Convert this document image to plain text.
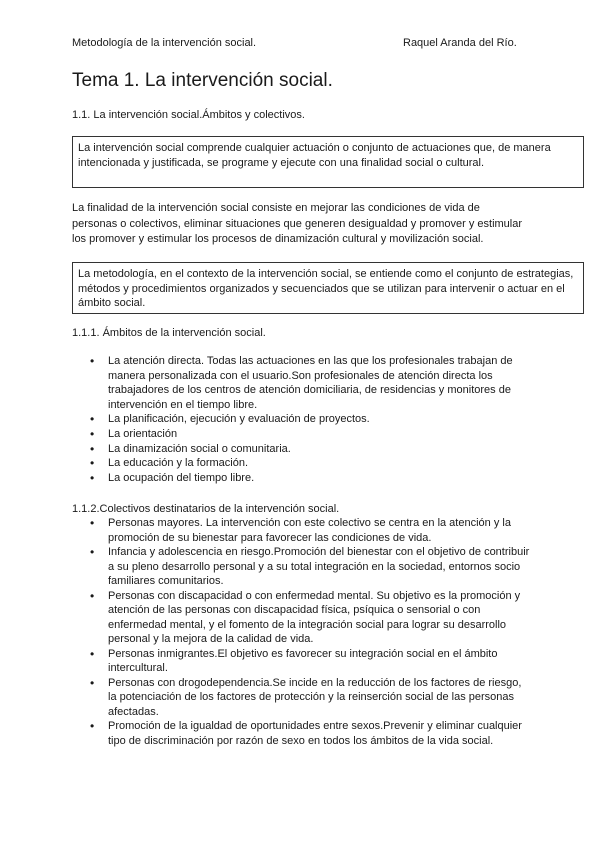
Metodología de la intervención social.	Raquel Aranda del Río.
Tema 1. La intervención social.
1.1. La intervención social.Ámbitos y colectivos.
La intervención social comprende cualquier actuación o conjunto de actuaciones que, de manera intencionada y justificada, se programe y ejecute con una finalidad social o cultural.
La finalidad de la intervención social consiste en mejorar las condiciones de vida de personas o colectivos, eliminar situaciones que generen desigualdad y promover y estimular los promover y estimular los procesos de dinamización cultural y movilización social.
La metodología, en el contexto de la intervención social, se entiende como el conjunto de estrategias, métodos y procedimientos organizados y secuenciados que se utilizan para intervenir o actuar en el ámbito social.
1.1.1. Ámbitos de la intervención social.
• La atención directa. Todas las actuaciones en las que los profesionales trabajan de manera personalizada con el usuario.Son profesionales de atención directa los trabajadores de los centros de atención domiciliaria, de residencias y monitores de intervención en el tiempo libre.
• La planificación, ejecución y evaluación de proyectos.
• La orientación
• La dinamización social o comunitaria.
• La educación y la formación.
• La ocupación del tiempo libre.
1.1.2.Colectivos destinatarios de la intervención social.
• Personas mayores. La intervención con este colectivo se centra en la atención y la promoción de su bienestar para favorecer las condiciones de vida.
• Infancia y adolescencia en riesgo.Promoción del bienestar con el objetivo de contribuir a su pleno desarrollo personal y a su total integración en la sociedad, entornos socio familiares comunitarios.
• Personas con discapacidad o con enfermedad mental. Su objetivo es la promoción y atención de las personas con discapacidad física, psíquica o sensorial o con enfermedad mental, y el fomento de la integración social para lograr su desarrollo personal y la mejora de la calidad de vida.
• Personas inmigrantes.El objetivo es favorecer su integración social en el ámbito intercultural.
• Personas con drogodependencia.Se incide en la reducción de los factores de riesgo, la potenciación de los factores de protección y la reinserción social de las personas afectadas.
• Promoción de la igualdad de oportunidades entre sexos.Prevenir y eliminar cualquier tipo de discriminación por razón de sexo en todos los ámbitos de la vida social.
